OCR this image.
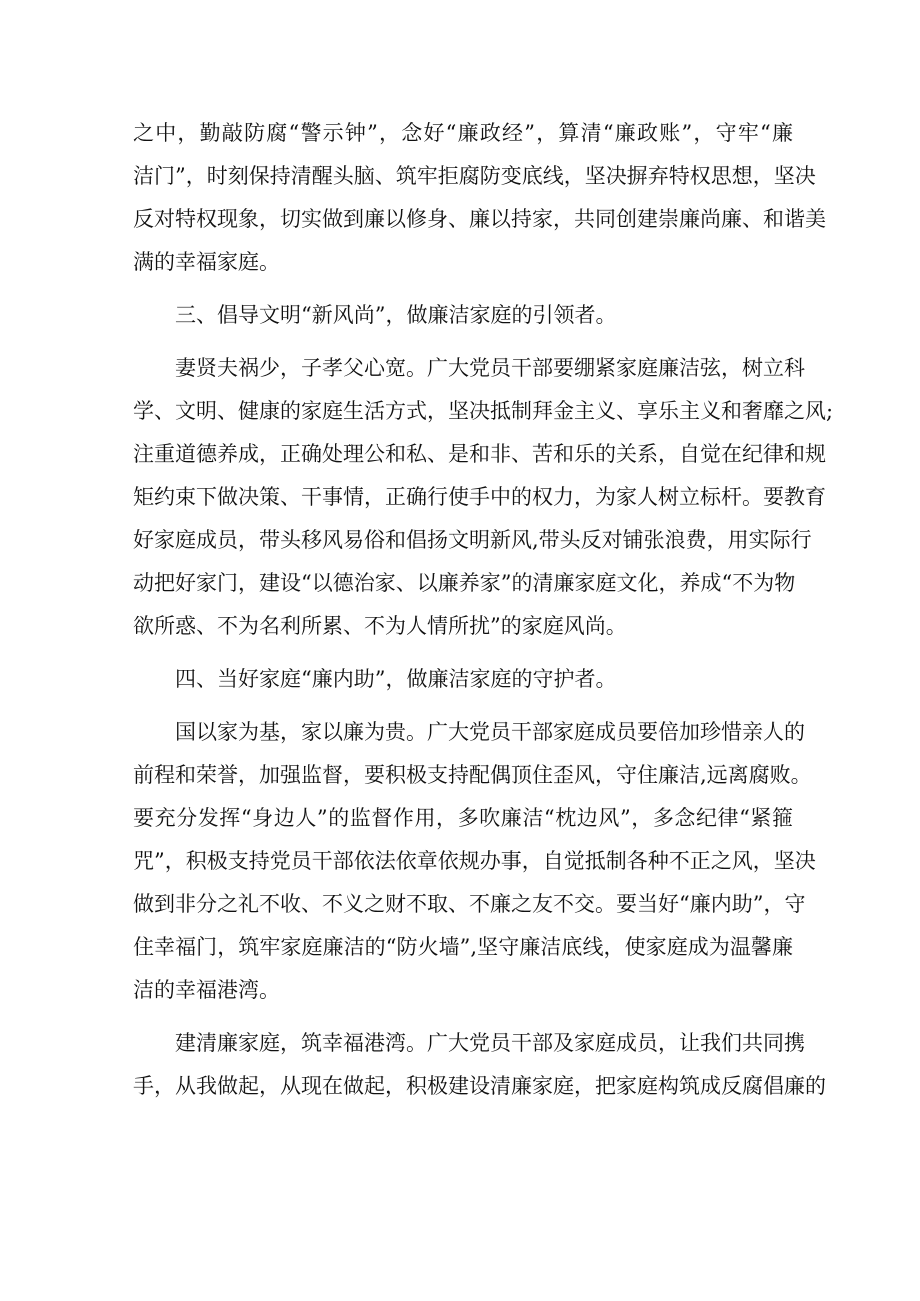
之中，勤敲防腐“警示钟”，念好“廉政经”，算清“廉政账”，守牢“廉
洁门”，时刻保持清醒头脑、筑牢拒腐防变底线，坚决摒弃特权思想，坚决
反对特权现象，切实做到廉以修身、廉以持家，共同创建崇廉尚廉、和谐美
满的幸福家庭。
三、倡导文明“新风尚”，做廉洁家庭的引领者。
妻贤夫祸少，子孝父心宽。广大党员干部要绷紧家庭廉洁弦，树立科
学、文明、健康的家庭生活方式，坚决抵制拜金主义、享乐主义和奢靡之风;
注重道德养成，正确处理公和私、是和非、苦和乐的关系，自觉在纪律和规
矩约束下做决策、干事情，正确行使手中的权力，为家人树立标杆。要教育
好家庭成员，带头移风易俗和倡扬文明新风,带头反对铺张浪费，用实际行
动把好家门，建设“以德治家、以廉养家”的清廉家庭文化，养成“不为物
欲所惑、不为名利所累、不为人情所扰”的家庭风尚。
四、当好家庭“廉内助”，做廉洁家庭的守护者。
国以家为基，家以廉为贵。广大党员干部家庭成员要倍加珍惜亲人的
前程和荣誉，加强监督，要积极支持配偶顶住歪风，守住廉洁,远离腐败。
要充分发挥“身边人”的监督作用，多吹廉洁“枕边风”，多念纪律“紧箍
咒”，积极支持党员干部依法依章依规办事，自觉抵制各种不正之风，坚决
做到非分之礼不收、不义之财不取、不廉之友不交。要当好“廉内助”，守
住幸福门，筑牢家庭廉洁的“防火墙”,坚守廉洁底线，使家庭成为温馨廉
洁的幸福港湾。
建清廉家庭，筑幸福港湾。广大党员干部及家庭成员，让我们共同携
手，从我做起，从现在做起，积极建设清廉家庭，把家庭构筑成反腐倡廉的
